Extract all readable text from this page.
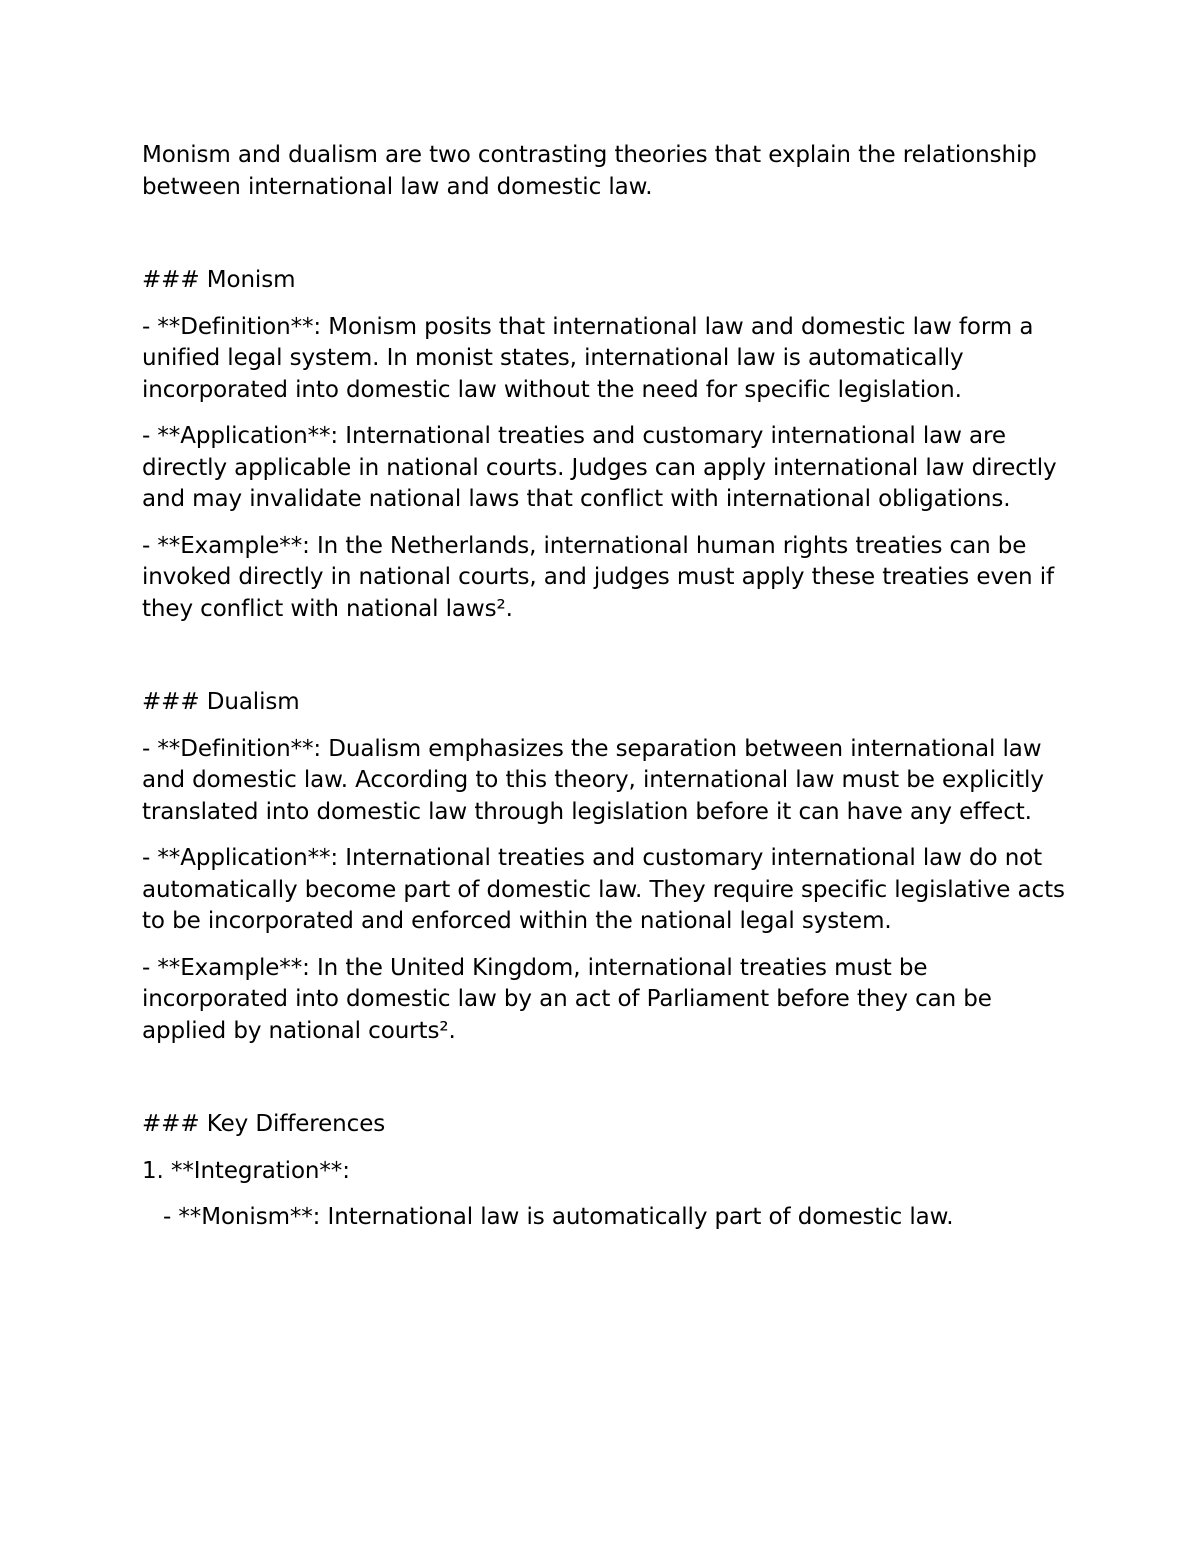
Monism and dualism are two contrasting theories that explain the relationship between international law and domestic law.

### Monism

- **Definition**: Monism posits that international law and domestic law form a unified legal system. In monist states, international law is automatically incorporated into domestic law without the need for specific legislation.

- **Application**: International treaties and customary international law are directly applicable in national courts. Judges can apply international law directly and may invalidate national laws that conflict with international obligations.

- **Example**: In the Netherlands, international human rights treaties can be invoked directly in national courts, and judges must apply these treaties even if they conflict with national laws².

### Dualism

- **Definition**: Dualism emphasizes the separation between international law and domestic law. According to this theory, international law must be explicitly translated into domestic law through legislation before it can have any effect.

- **Application**: International treaties and customary international law do not automatically become part of domestic law. They require specific legislative acts to be incorporated and enforced within the national legal system.

- **Example**: In the United Kingdom, international treaties must be incorporated into domestic law by an act of Parliament before they can be applied by national courts².

### Key Differences

1. **Integration**:

- **Monism**: International law is automatically part of domestic law.
